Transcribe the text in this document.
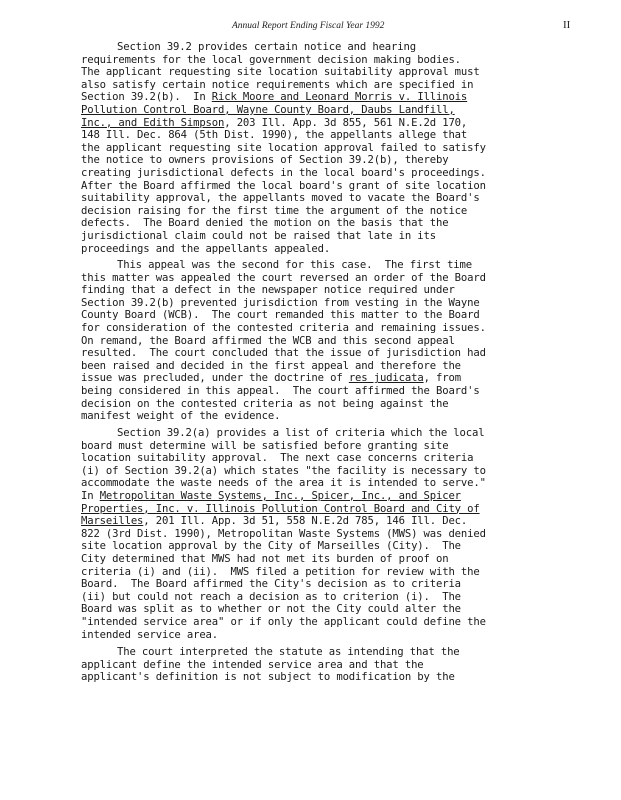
Annual Report Ending Fiscal Year 1992	II
Section 39.2 provides certain notice and hearing
requirements for the local government decision making bodies.
The applicant requesting site location suitability approval must
also satisfy certain notice requirements which are specified in
Section 39.2(b).  In Rick Moore and Leonard Morris v. Illinois
Pollution Control Board, Wayne County Board, Daubs Landfill,
Inc., and Edith Simpson, 203 Ill. App. 3d 855, 561 N.E.2d 170,
148 Ill. Dec. 864 (5th Dist. 1990), the appellants allege that
the applicant requesting site location approval failed to satisfy
the notice to owners provisions of Section 39.2(b), thereby
creating jurisdictional defects in the local board's proceedings.
After the Board affirmed the local board's grant of site location
suitability approval, the appellants moved to vacate the Board's
decision raising for the first time the argument of the notice
defects.  The Board denied the motion on the basis that the
jurisdictional claim could not be raised that late in its
proceedings and the appellants appealed.
This appeal was the second for this case.  The first time
this matter was appealed the court reversed an order of the Board
finding that a defect in the newspaper notice required under
Section 39.2(b) prevented jurisdiction from vesting in the Wayne
County Board (WCB).  The court remanded this matter to the Board
for consideration of the contested criteria and remaining issues.
On remand, the Board affirmed the WCB and this second appeal
resulted.  The court concluded that the issue of jurisdiction had
been raised and decided in the first appeal and therefore the
issue was precluded, under the doctrine of res judicata, from
being considered in this appeal.  The court affirmed the Board's
decision on the contested criteria as not being against the
manifest weight of the evidence.
Section 39.2(a) provides a list of criteria which the local
board must determine will be satisfied before granting site
location suitability approval.  The next case concerns criteria
(i) of Section 39.2(a) which states "the facility is necessary to
accommodate the waste needs of the area it is intended to serve."
In Metropolitan Waste Systems, Inc., Spicer, Inc., and Spicer
Properties, Inc. v. Illinois Pollution Control Board and City of
Marseilles, 201 Ill. App. 3d 51, 558 N.E.2d 785, 146 Ill. Dec.
822 (3rd Dist. 1990), Metropolitan Waste Systems (MWS) was denied
site location approval by the City of Marseilles (City).  The
City determined that MWS had not met its burden of proof on
criteria (i) and (ii).  MWS filed a petition for review with the
Board.  The Board affirmed the City's decision as to criteria
(ii) but could not reach a decision as to criterion (i).  The
Board was split as to whether or not the City could alter the
"intended service area" or if only the applicant could define the
intended service area.
The court interpreted the statute as intending that the
applicant define the intended service area and that the
applicant's definition is not subject to modification by the
